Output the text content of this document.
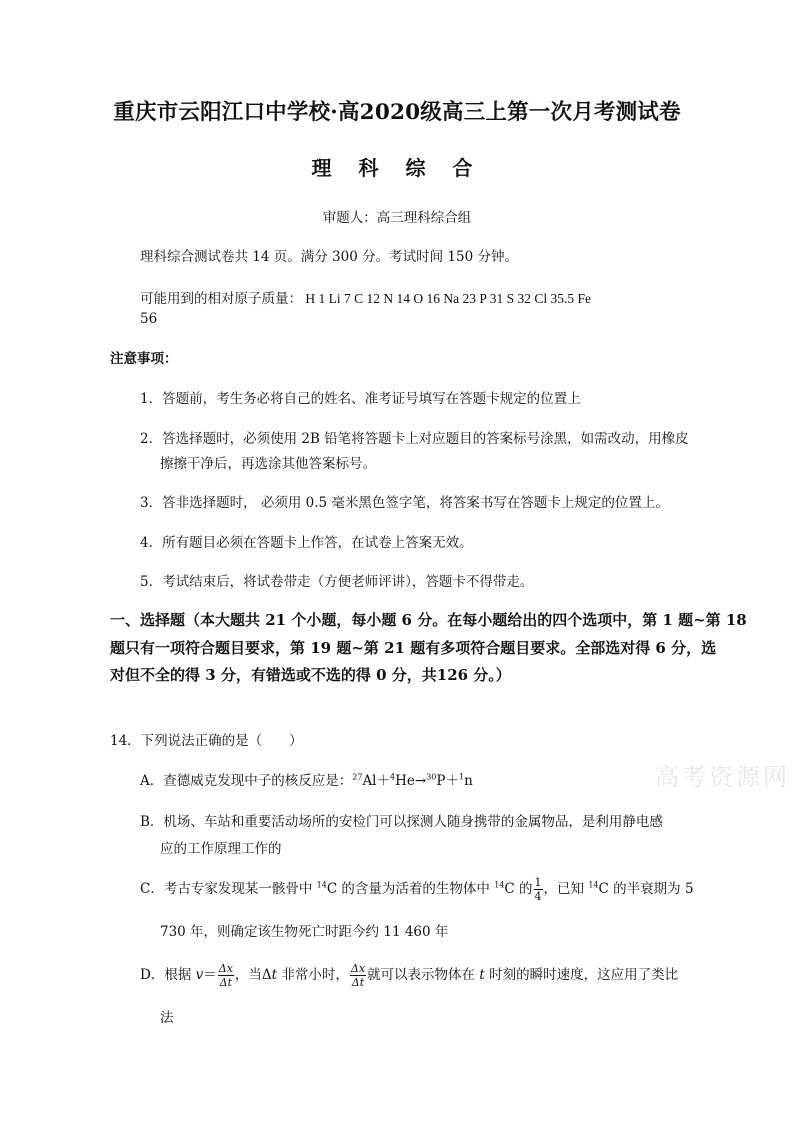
重庆市云阳江口中学校·高2020级高三上第一次月考测试卷
理 科 综 合
审题人：高三理科综合组
理科综合测试卷共 14 页。满分 300 分。考试时间 150 分钟。
可能用到的相对原子质量： H 1 Li 7 C 12 N 14 O 16 Na 23 P 31 S 32 Cl 35.5 Fe
56
注意事项：
1．答题前，考生务必将自己的姓名、准考证号填写在答题卡规定的位置上
2．答选择题时，必须使用 2B 铅笔将答题卡上对应题目的答案标号涂黑，如需改动，用橡皮
擦擦干净后，再选涂其他答案标号。
3．答非选择题时， 必须用 0.5 毫米黑色签字笔，将答案书写在答题卡上规定的位置上。
4．所有题目必须在答题卡上作答，在试卷上答案无效。
5．考试结束后，将试卷带走（方便老师评讲），答题卡不得带走。
一、选择题（本大题共 21 个小题，每小题 6 分。在每小题给出的四个选项中，第 1 题~第 18
题只有一项符合题目要求，第 19 题~第 21 题有多项符合题目要求。全部选对得 6 分，选
对但不全的得 3 分，有错选或不选的得 0 分，共126 分。）
14．下列说法正确的是（　　）
A．查德威克发现中子的核反应是：$^{27}$Al＋$^4$He→$^{30}$P＋$^1$n
B．机场、车站和重要活动场所的安检门可以探测人随身携带的金属物品，是利用静电感
应的工作原理工作的
C．考古专家发现某一骸骨中 $^{14}$C 的含量为活着的生物体中 $^{14}$C 的 $\frac{1}{4}$ ，已知 $^{14}$C 的半衰期为 5
730 年，则确定该生物死亡时距今约 11 460 年
D．根据 $v= \frac{\Delta x}{\Delta t}$ ，当Δt 非常小时， $\frac{\Delta x}{\Delta t}$ 就可以表示物体在 t 时刻的瞬时速度，这应用了类比
法
高考资源网
